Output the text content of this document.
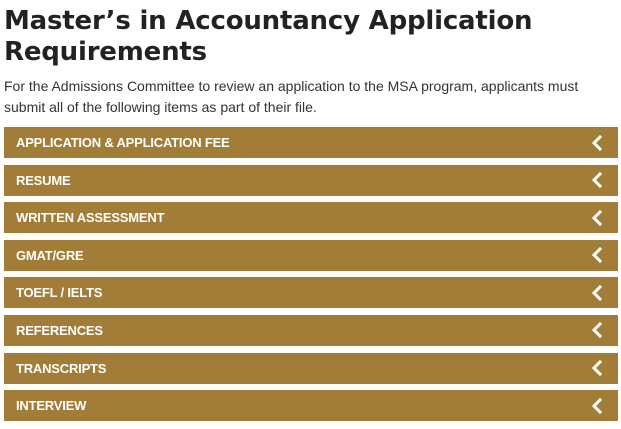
Master’s in Accountancy Application Requirements

For the Admissions Committee to review an application to the MSA program, applicants must submit all of the following items as part of their file.

APPLICATION & APPLICATION FEE
RESUME
WRITTEN ASSESSMENT
GMAT/GRE
TOEFL / IELTS
REFERENCES
TRANSCRIPTS
INTERVIEW
